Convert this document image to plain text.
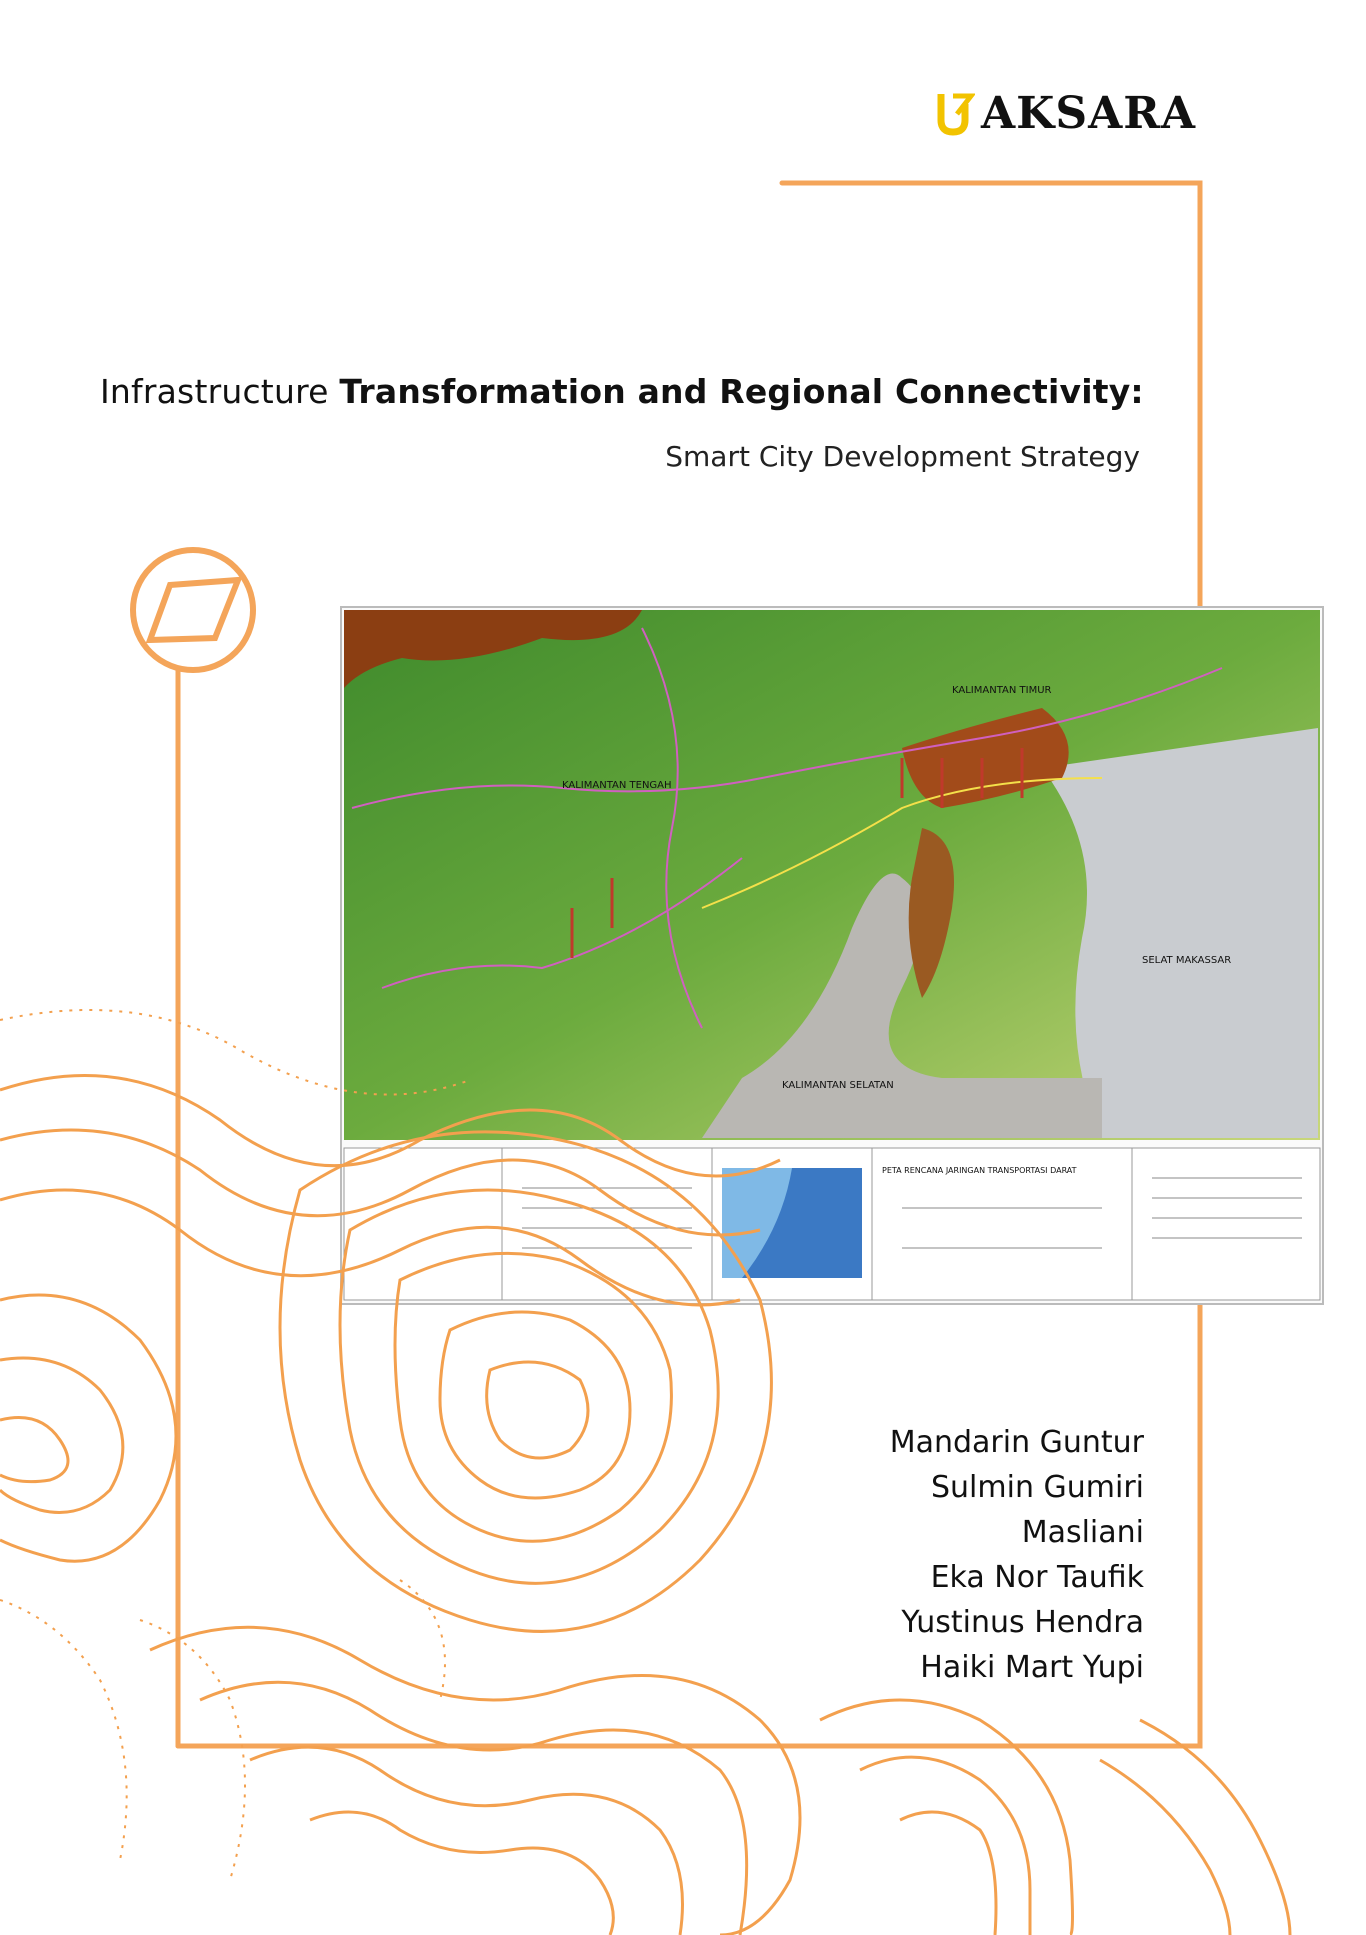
AKSARA
Infrastructure Transformation and Regional Connectivity:
Smart City Development Strategy
KALIMANTAN TIMUR
KALIMANTAN TENGAH
SELAT MAKASSAR
KALIMANTAN SELATAN
PETA RENCANA JARINGAN TRANSPORTASI DARAT
Mandarin Guntur
Sulmin Gumiri
Masliani
Eka Nor Taufik
Yustinus Hendra
Haiki Mart Yupi
